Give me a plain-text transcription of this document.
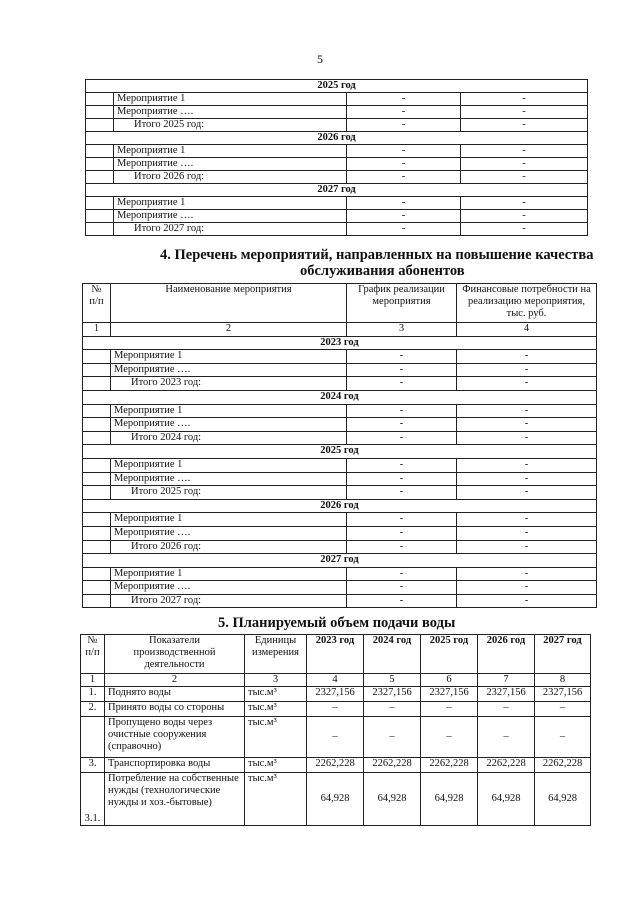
5
2025 год			
	Мероприятие 1	-	-
	Мероприятие ….	-	-
	Итого 2025 год:	-	-
2026 год			
	Мероприятие 1	-	-
	Мероприятие ….	-	-
	Итого 2026 год:	-	-
2027 год			
	Мероприятие 1	-	-
	Мероприятие ….	-	-
	Итого 2027 год:	-	-
4. Перечень мероприятий, направленных на повышение качества
обслуживания абонентов
№ п/п	Наименование мероприятия	График реализации мероприятия	Финансовые потребности на реализацию мероприятия, тыс. руб.
1	2	3	4
2023 год			
	Мероприятие 1	-	-
	Мероприятие ….	-	-
	Итого 2023 год:	-	-
2024 год			
	Мероприятие 1	-	-
	Мероприятие ….	-	-
	Итого 2024 год:	-	-
2025 год			
	Мероприятие 1	-	-
	Мероприятие ….	-	-
	Итого 2025 год:	-	-
2026 год			
	Мероприятие 1	-	-
	Мероприятие ….	-	-
	Итого 2026 год:	-	-
2027 год			
	Мероприятие 1	-	-
	Мероприятие ….	-	-
	Итого 2027 год:	-	-
5. Планируемый объем подачи воды
№ п/п	Показатели производственной деятельности	Единицы измерения	2023 год	2024 год	2025 год	2026 год	2027 год
1	2	3	4	5	6	7	8
1.	Поднято воды	тыс.м³	2327,156	2327,156	2327,156	2327,156	2327,156
2.	Принято воды со стороны	тыс.м³	–	–	–	–	–
	Пропущено воды через очистные сооружения (справочно)	тыс.м³	–	–	–	–	–
3.	Транспортировка воды	тыс.м³	2262,228	2262,228	2262,228	2262,228	2262,228
3.1.	Потребление на собственные нужды (технологические нужды и хоз.-бытовые)	тыс.м³	64,928	64,928	64,928	64,928	64,928
